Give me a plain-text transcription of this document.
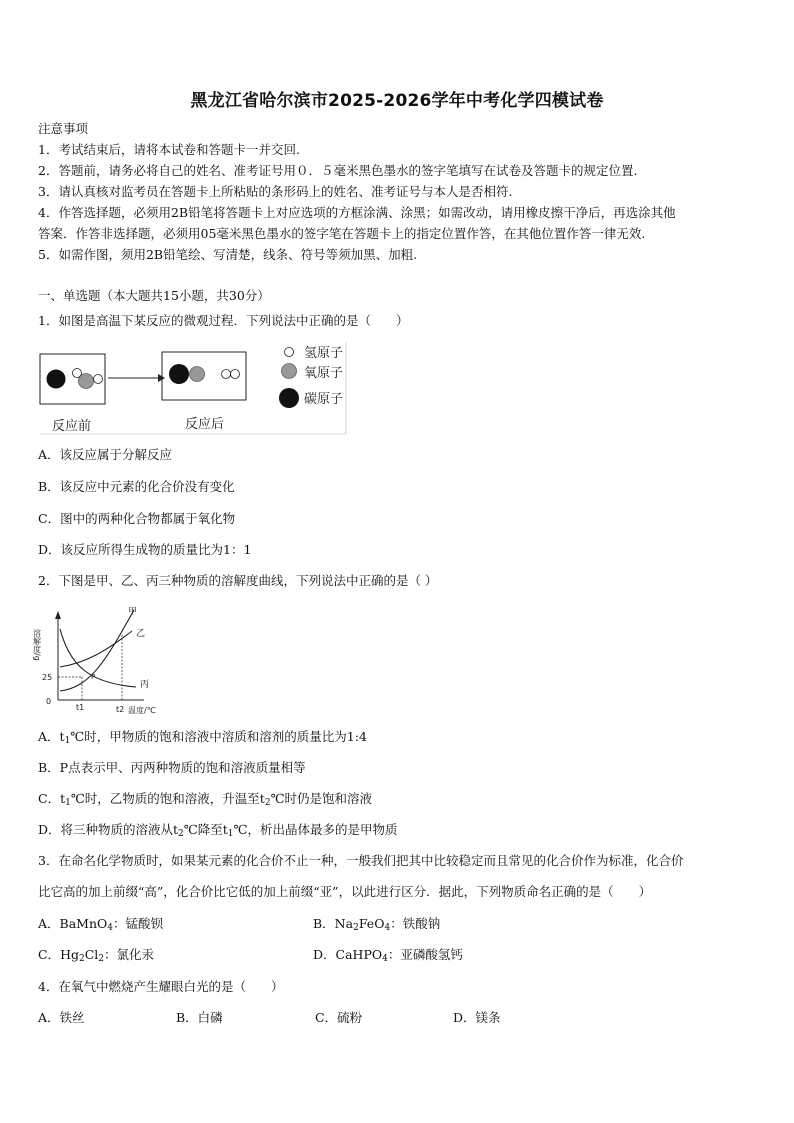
黑龙江省哈尔滨市2025-2026学年中考化学四模试卷
注意事项
1．考试结束后，请将本试卷和答题卡一并交回.
2．答题前，请务必将自己的姓名、准考证号用０．５毫米黑色墨水的签字笔填写在试卷及答题卡的规定位置.
3．请认真核对监考员在答题卡上所粘贴的条形码上的姓名、准考证号与本人是否相符.
4．作答选择题，必须用2B铅笔将答题卡上对应选项的方框涂满、涂黑；如需改动，请用橡皮擦干净后，再选涂其他
答案．作答非选择题，必须用05毫米黑色墨水的签字笔在答题卡上的指定位置作答，在其他位置作答一律无效.
5．如需作图，须用2B铅笔绘、写清楚，线条、符号等须加黑、加粗.
一、单选题（本大题共15小题，共30分）
1．如图是高温下某反应的微观过程．下列说法中正确的是（　　）
氢原子
氧原子
碳原子
反应前	反应后
A．该反应属于分解反应
B．该反应中元素的化合价没有变化
C．图中的两种化合物都属于氧化物
D．该反应所得生成物的质量比为1：1
2．下图是甲、乙、丙三种物质的溶解度曲线，下列说法中正确的是（ ）
溶解度/g
25
0
t1	t2 温度/℃
P
甲
乙
丙
A．$t_1℃$时，甲物质的饱和溶液中溶质和溶剂的质量比为1:4
B．P点表示甲、丙两种物质的饱和溶液质量相等
C．$t_1℃$时，乙物质的饱和溶液，升温至$t_2℃$时仍是饱和溶液
D．将三种物质的溶液从$t_2℃$降至$t_1℃$，析出晶体最多的是甲物质
3．在命名化学物质时，如果某元素的化合价不止一种，一般我们把其中比较稳定而且常见的化合价作为标准，化合价
比它高的加上前缀“高”，化合价比它低的加上前缀“亚”，以此进行区分．据此，下列物质命名正确的是（　　）
A．BaMnO$_4$：锰酸钡	B．$Na_2FeO_4$：铁酸钠
C．$Hg_2Cl_2$：氯化汞	D．CaHPO$_4$：亚磷酸氢钙
4．在氧气中燃烧产生耀眼白光的是（　　）
A．铁丝	B．白磷	C．硫粉	D．镁条
